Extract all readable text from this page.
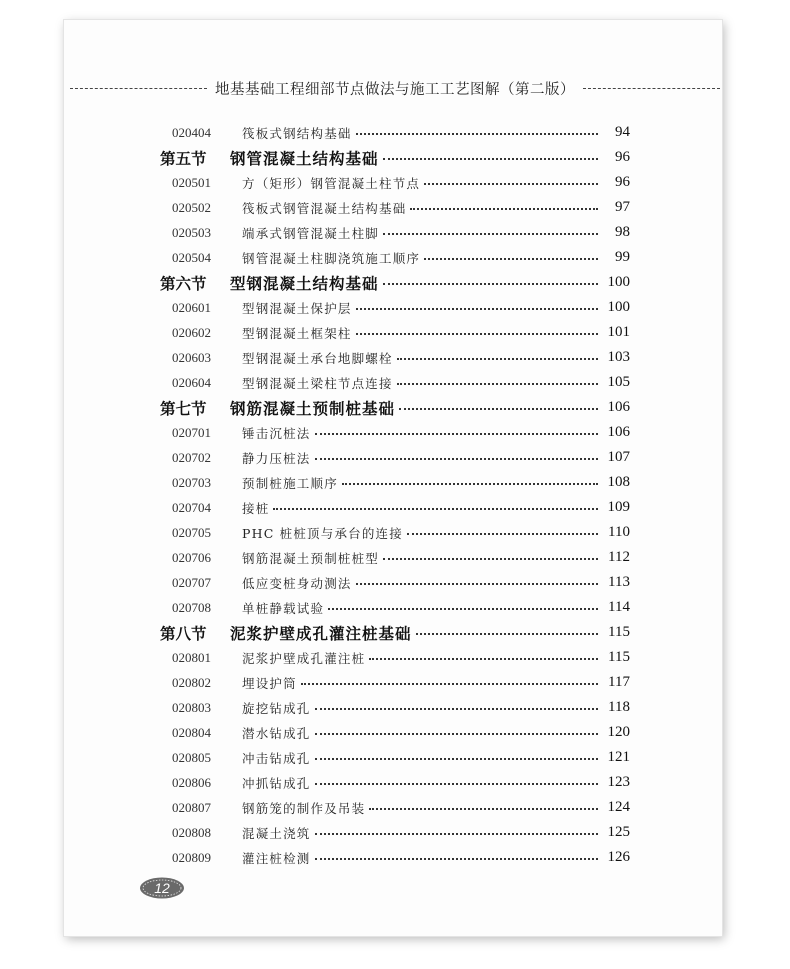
地基基础工程细部节点做法与施工工艺图解（第二版）
020404	筏板式钢结构基础	94
第五节	钢管混凝土结构基础	96
020501	方（矩形）钢管混凝土柱节点	96
020502	筏板式钢管混凝土结构基础	97
020503	端承式钢管混凝土柱脚	98
020504	钢管混凝土柱脚浇筑施工顺序	99
第六节	型钢混凝土结构基础	100
020601	型钢混凝土保护层	100
020602	型钢混凝土框架柱	101
020603	型钢混凝土承台地脚螺栓	103
020604	型钢混凝土梁柱节点连接	105
第七节	钢筋混凝土预制桩基础	106
020701	锤击沉桩法	106
020702	静力压桩法	107
020703	预制桩施工顺序	108
020704	接桩	109
020705	PHC 桩桩顶与承台的连接	110
020706	钢筋混凝土预制桩桩型	112
020707	低应变桩身动测法	113
020708	单桩静载试验	114
第八节	泥浆护壁成孔灌注桩基础	115
020801	泥浆护壁成孔灌注桩	115
020802	埋设护筒	117
020803	旋挖钻成孔	118
020804	潜水钻成孔	120
020805	冲击钻成孔	121
020806	冲抓钻成孔	123
020807	钢筋笼的制作及吊装	124
020808	混凝土浇筑	125
020809	灌注桩检测	126
12
